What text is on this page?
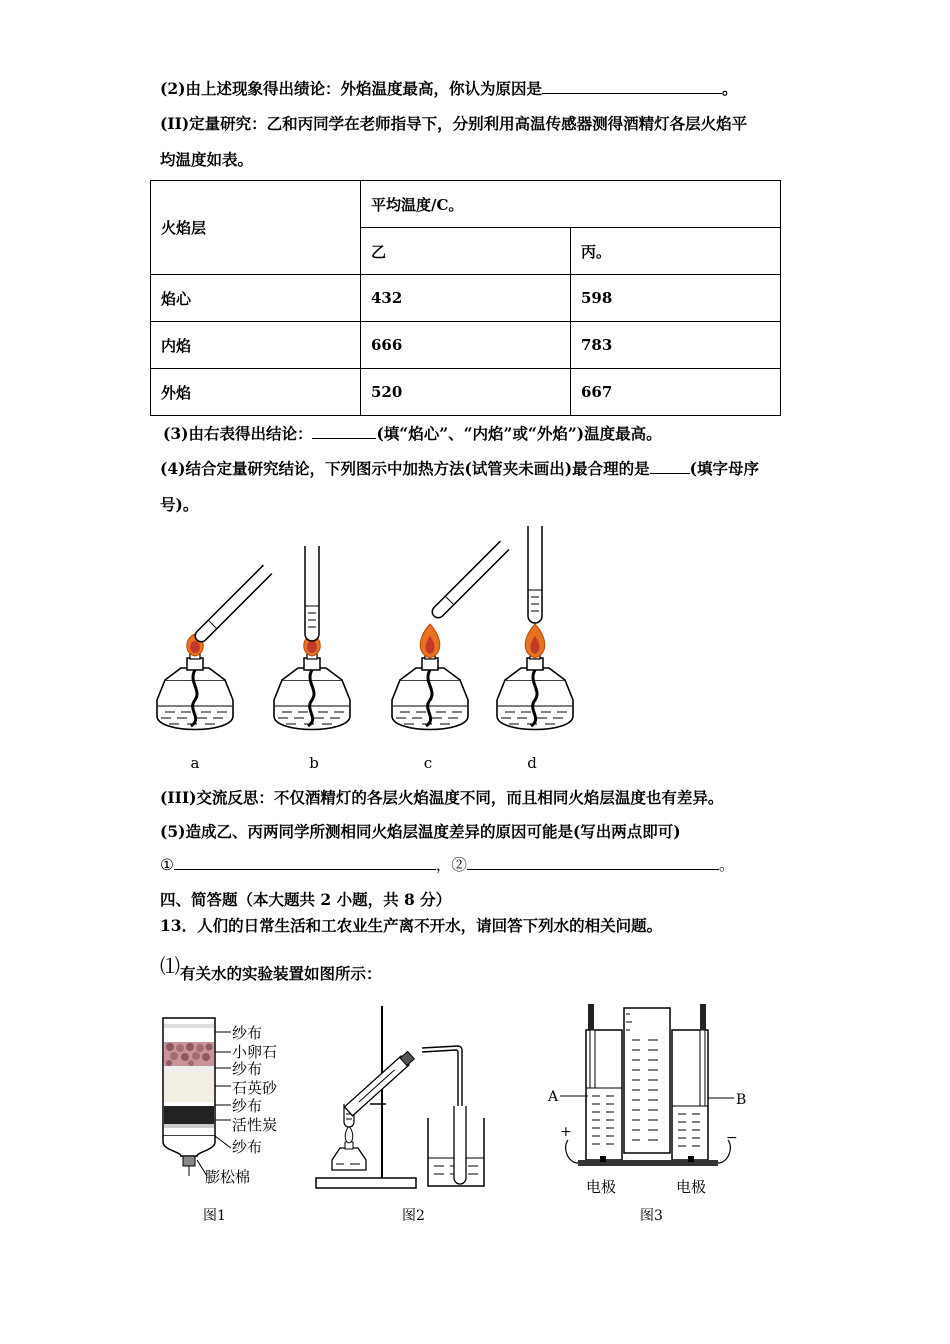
(2)由上述现象得出绩论：外焰温度最高，你认为原因是	。
(II)定量研究：乙和丙同学在老师指导下，分别利用高温传感器测得酒精灯各层火焰平
均温度如表。
火焰层	平均温度/C。	
	乙	丙。
焰心	432	598
内焰	666	783
外焰	520	667
(3)由右表得出结论：	(填“焰心”、“内焰”或“外焰”)温度最高。
(4)结合定量研究结论，下列图示中加热方法(试管夹未画出)最合理的是	(填字母序
号)。
a	b	c	d
(III)交流反思：不仅酒精灯的各层火焰温度不同，而且相同火焰层温度也有差异。
(5)造成乙、丙两同学所测相同火焰层温度差异的原因可能是(写出两点即可)
①	，②	。
四、简答题（本大题共 2 小题，共 8 分）
13．人们的日常生活和工农业生产离不开水，请回答下列水的相关问题。
⑴有关水的实验装置如图所示：
纱布
小卵石
纱布
石英砂
纱布
活性炭
纱布
膨松棉
图1	图2
A	B
+	−
电极	电极
图3
